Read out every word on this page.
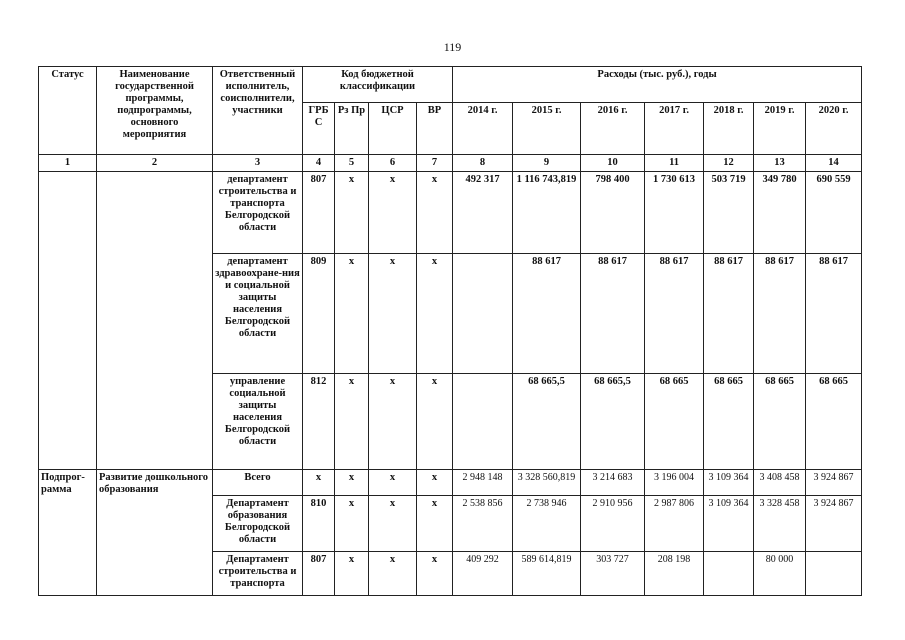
119
Статус	Наименование государственной программы, подпрограммы, основного мероприятия	Ответственный исполнитель, соисполнители, участники	Код бюджетной классификации				Расходы (тыс. руб.), годы						
			ГРБ С	Рз Пр	ЦСР	ВР	2014 г.	2015 г.	2016 г.	2017 г.	2018 г.	2019 г.	2020 г.
1	2	3	4	5	6	7	8	9	10	11	12	13	14
		департамент строительства и транспорта Белгородской области	807	x	x	x	492 317	1 116 743,819	798 400	1 730 613	503 719	349 780	690 559
		департамент здравоохране-ния и социальной защиты населения Белгородской области	809	x	x	x		88 617	88 617	88 617	88 617	88 617	88 617
		управление социальной защиты населения Белгородской области	812	x	x	x		68 665,5	68 665,5	68 665	68 665	68 665	68 665
Подпрог-рамма	Развитие дошкольного образования	Всего	x	x	x	x	2 948 148	3 328 560,819	3 214 683	3 196 004	3 109 364	3 408 458	3 924 867
		Департамент образования Белгородской области	810	x	x	x	2 538 856	2 738 946	2 910 956	2 987 806	3 109 364	3 328 458	3 924 867
		Департамент строительства и транспорта	807	x	x	x	409 292	589 614,819	303 727	208 198		80 000	
